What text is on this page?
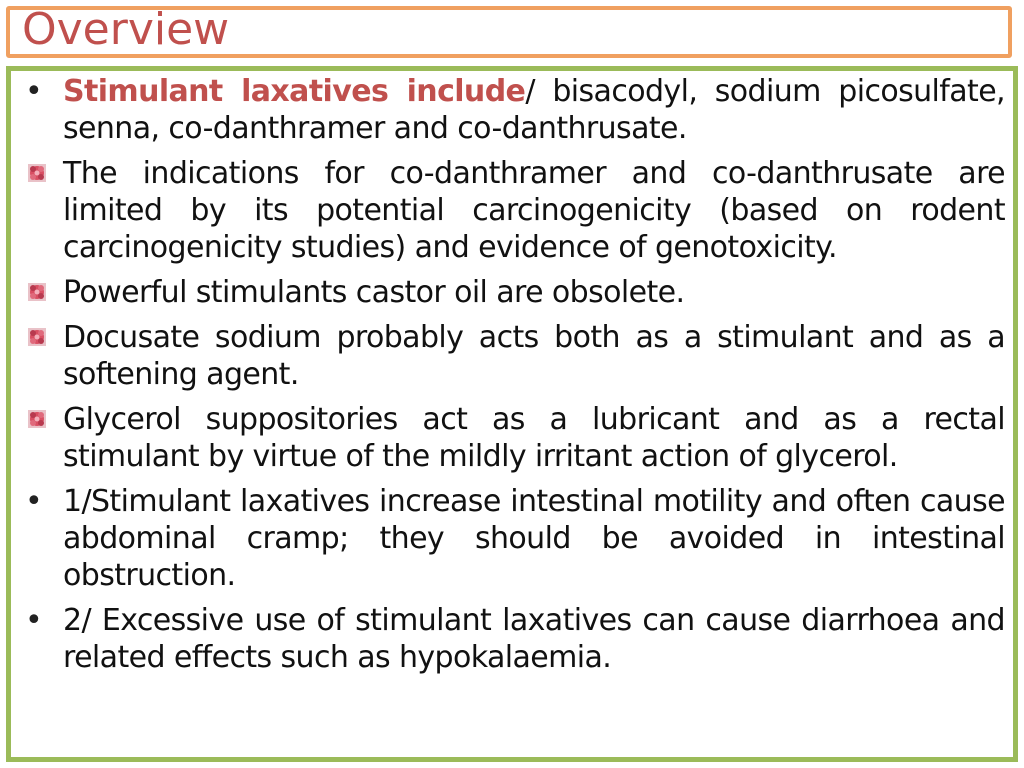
Overview
• Stimulant laxatives include/ bisacodyl, sodium picosulfate, senna, co-danthramer and co-danthrusate.
The indications for co-danthramer and co-danthrusate are limited by its potential carcinogenicity (based on rodent carcinogenicity studies) and evidence of genotoxicity.
Powerful stimulants castor oil are obsolete.
Docusate sodium probably acts both as a stimulant and as a softening agent.
Glycerol suppositories act as a lubricant and as a rectal stimulant by virtue of the mildly irritant action of glycerol.
• 1/Stimulant laxatives increase intestinal motility and often cause abdominal cramp; they should be avoided in intestinal obstruction.
• 2/ Excessive use of stimulant laxatives can cause diarrhoea and related effects such as hypokalaemia.
